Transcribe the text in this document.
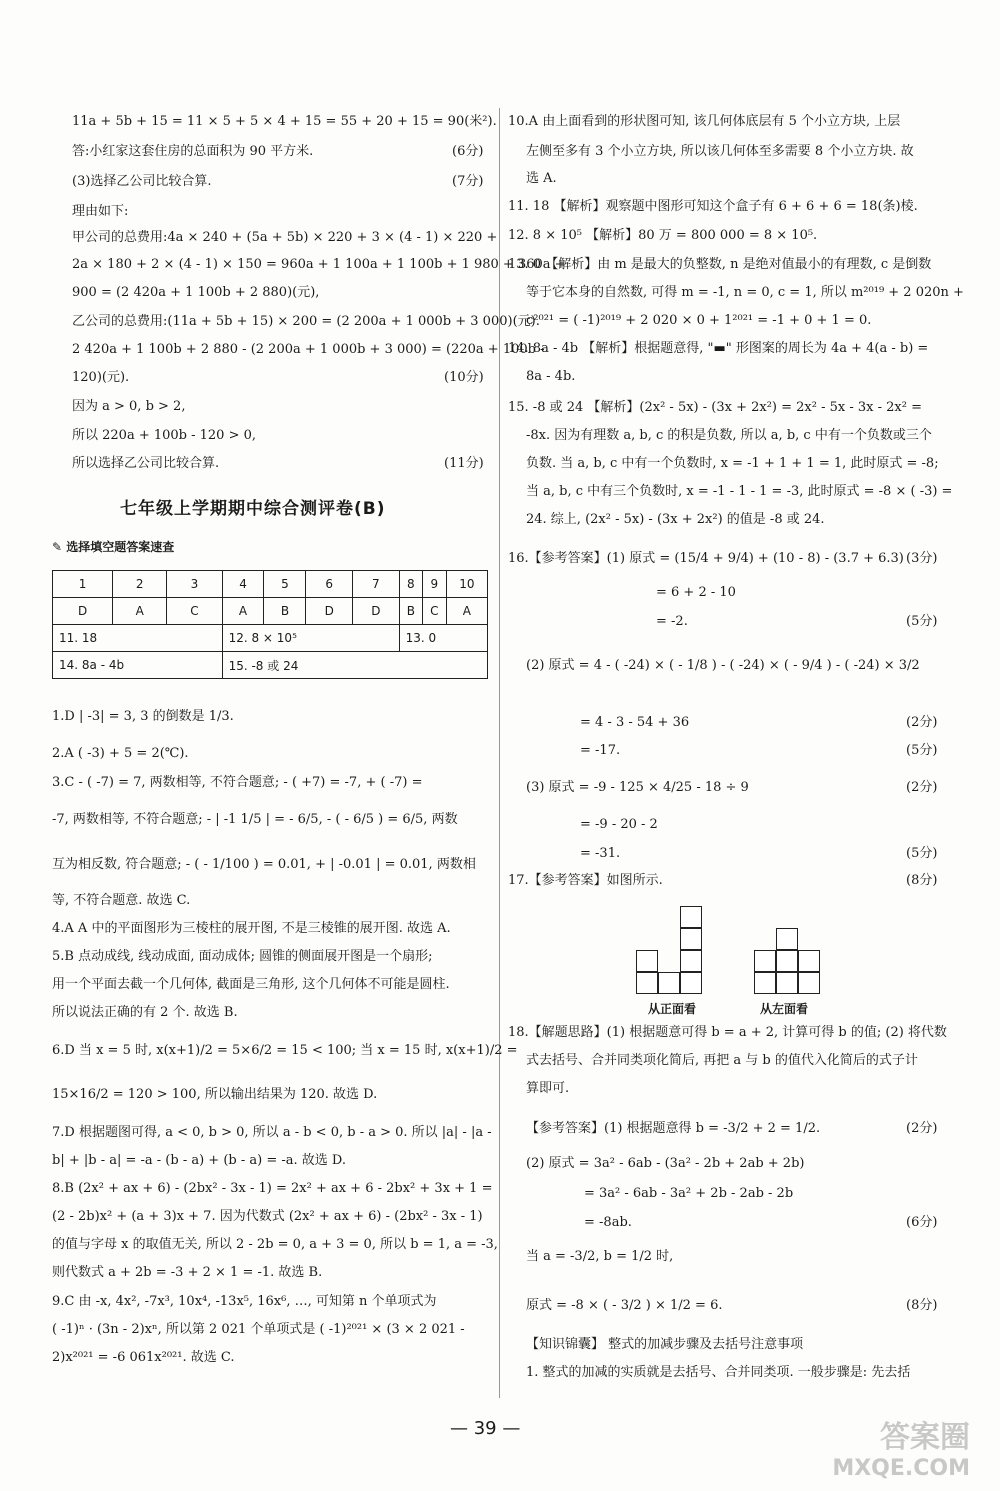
11a + 5b + 15 = 11 × 5 + 5 × 4 + 15 = 55 + 20 + 15 = 90(米²).
答:小红家这套住房的总面积为 90 平方米.
(3)选择乙公司比较合算.
理由如下:
甲公司的总费用:4a × 240 + (5a + 5b) × 220 + 3 × (4 - 1) × 220 +
2a × 180 + 2 × (4 - 1) × 150 = 960a + 1 100a + 1 100b + 1 980 + 360a +
900 = (2 420a + 1 100b + 2 880)(元),
乙公司的总费用:(11a + 5b + 15) × 200 = (2 200a + 1 000b + 3 000)(元).
2 420a + 1 100b + 2 880 - (2 200a + 1 000b + 3 000) = (220a + 100b -
120)(元).
因为 a > 0, b > 2,
所以 220a + 100b - 120 > 0,
所以选择乙公司比较合算.
1.D | -3| = 3, 3 的倒数是 1/3.
2.A ( -3) + 5 = 2(℃).
3.C - ( -7) = 7, 两数相等, 不符合题意; - ( +7) = -7, + ( -7) =
-7, 两数相等, 不符合题意; - | -1 1/5 | = - 6/5, - ( - 6/5 ) = 6/5, 两数
互为相反数, 符合题意; - ( - 1/100 ) = 0.01, + | -0.01 | = 0.01, 两数相
等, 不符合题意. 故选 C.
4.A A 中的平面图形为三棱柱的展开图, 不是三棱锥的展开图. 故选 A.
5.B 点动成线, 线动成面, 面动成体; 圆锥的侧面展开图是一个扇形;
用一个平面去截一个几何体, 截面是三角形, 这个几何体不可能是圆柱.
所以说法正确的有 2 个. 故选 B.
6.D 当 x = 5 时, x(x+1)/2 = 5×6/2 = 15 < 100; 当 x = 15 时, x(x+1)/2 =
15×16/2 = 120 > 100, 所以输出结果为 120. 故选 D.
7.D 根据题图可得, a < 0, b > 0, 所以 a - b < 0, b - a > 0. 所以 |a| - |a -
b| + |b - a| = -a - (b - a) + (b - a) = -a. 故选 D.
8.B (2x² + ax + 6) - (2bx² - 3x - 1) = 2x² + ax + 6 - 2bx² + 3x + 1 =
(2 - 2b)x² + (a + 3)x + 7. 因为代数式 (2x² + ax + 6) - (2bx² - 3x - 1)
的值与字母 x 的取值无关, 所以 2 - 2b = 0, a + 3 = 0, 所以 b = 1, a = -3,
则代数式 a + 2b = -3 + 2 × 1 = -1. 故选 B.
9.C 由 -x, 4x², -7x³, 10x⁴, -13x⁵, 16x⁶, …, 可知第 n 个单项式为
( -1)ⁿ · (3n - 2)xⁿ, 所以第 2 021 个单项式是 ( -1)²⁰²¹ × (3 × 2 021 -
2)x²⁰²¹ = -6 061x²⁰²¹. 故选 C.
(6分)
(7分)
(10分)
(11分)
七年级上学期期中综合测评卷(B)
✎ 选择填空题答案速查
1	2	3	4	5	6	7	8	9	10
D	A	C	A	B	D	D	B	C	A
11. 18			12. 8 × 10⁵				13. 0		
14. 8a - 4b			15. -8 或 24						
10.A 由上面看到的形状图可知, 该几何体底层有 5 个小立方块, 上层
左侧至多有 3 个小立方块, 所以该几何体至多需要 8 个小立方块. 故
选 A.
11. 18 【解析】观察题中图形可知这个盒子有 6 + 6 + 6 = 18(条)棱.
12. 8 × 10⁵ 【解析】80 万 = 800 000 = 8 × 10⁵.
13. 0 【解析】由 m 是最大的负整数, n 是绝对值最小的有理数, c 是倒数
等于它本身的自然数, 可得 m = -1, n = 0, c = 1, 所以 m²⁰¹⁹ + 2 020n +
c²⁰²¹ = ( -1)²⁰¹⁹ + 2 020 × 0 + 1²⁰²¹ = -1 + 0 + 1 = 0.
14. 8a - 4b 【解析】根据题意得, "▬" 形图案的周长为 4a + 4(a - b) =
8a - 4b.
15. -8 或 24 【解析】(2x² - 5x) - (3x + 2x²) = 2x² - 5x - 3x - 2x² =
-8x. 因为有理数 a, b, c 的积是负数, 所以 a, b, c 中有一个负数或三个
负数. 当 a, b, c 中有一个负数时, x = -1 + 1 + 1 = 1, 此时原式 = -8;
当 a, b, c 中有三个负数时, x = -1 - 1 - 1 = -3, 此时原式 = -8 × ( -3) =
24. 综上, (2x² - 5x) - (3x + 2x²) 的值是 -8 或 24.
16.【参考答案】(1) 原式 = (15/4 + 9/4) + (10 - 8) - (3.7 + 6.3)
= 6 + 2 - 10
= -2.
(2) 原式 = 4 - ( -24) × ( - 1/8 ) - ( -24) × ( - 9/4 ) - ( -24) × 3/2
= 4 - 3 - 54 + 36
= -17.
(3) 原式 = -9 - 125 × 4/25 - 18 ÷ 9
= -9 - 20 - 2
= -31.
17.【参考答案】如图所示.
18.【解题思路】(1) 根据题意可得 b = a + 2, 计算可得 b 的值; (2) 将代数
式去括号、合并同类项化简后, 再把 a 与 b 的值代入化简后的式子计
算即可.
【参考答案】(1) 根据题意得 b = -3/2 + 2 = 1/2.
(2) 原式 = 3a² - 6ab - (3a² - 2b + 2ab + 2b)
= 3a² - 6ab - 3a² + 2b - 2ab - 2b
= -8ab.
当 a = -3/2, b = 1/2 时,
原式 = -8 × ( - 3/2 ) × 1/2 = 6.
【知识锦囊】 整式的加减步骤及去括号注意事项
1. 整式的加减的实质就是去括号、合并同类项. 一般步骤是: 先去括
(3分)
(5分)
(2分)
(5分)
(2分)
(5分)
(8分)
(2分)
(6分)
(8分)
从正面看	从左面看
— 39 —	答案圈
MXQE.COM
